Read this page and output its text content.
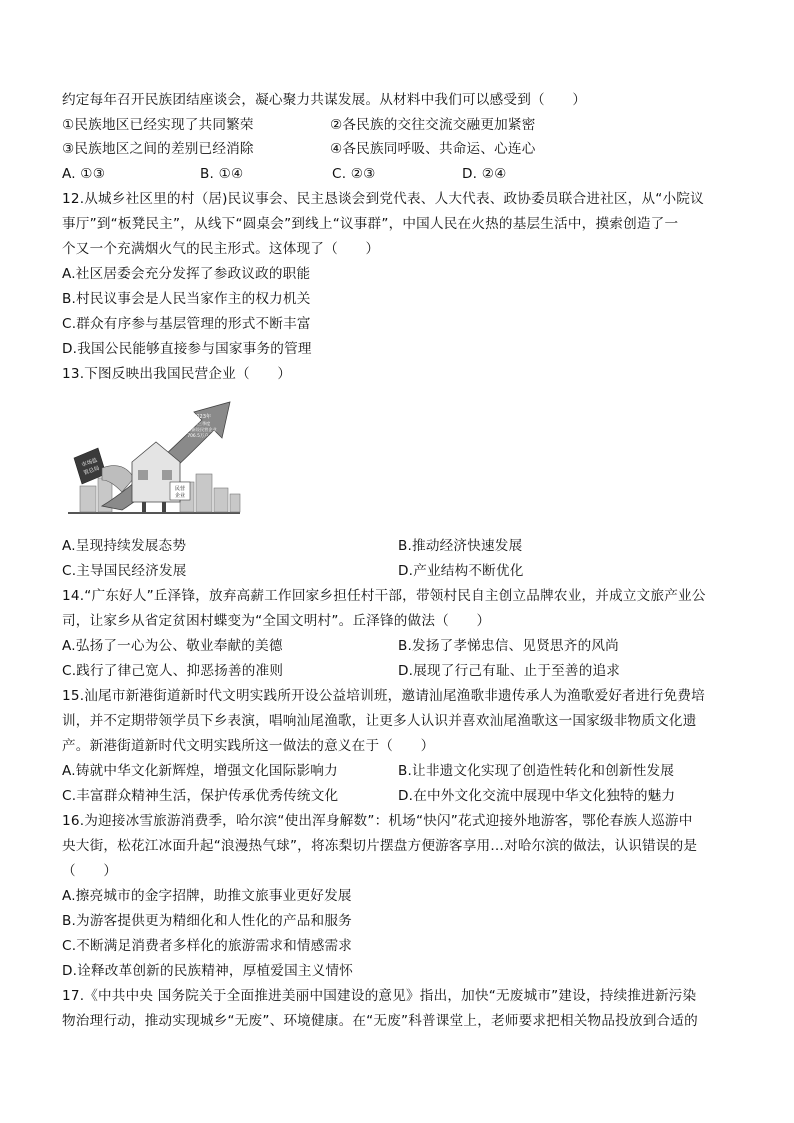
约定每年召开民族团结座谈会，凝心聚力共谋发展。从材料中我们可以感受到（　　）
①民族地区已经实现了共同繁荣	②各民族的交往交流交融更加紧密
③民族地区之间的差别已经消除	④各民族同呼吸、共命运、心连心
A. ①③	B. ①④	C. ②③	D. ②④
12.从城乡社区里的村（居)民议事会、民主恳谈会到党代表、人大代表、政协委员联合进社区，从“小院议
事厅”到“板凳民主”，从线下“圆桌会”到线上“议事群”，中国人民在火热的基层生活中，摸索创造了一
个又一个充满烟火气的民主形式。这体现了（　　）
A.社区居委会充分发挥了参政议政的职能
B.村民议事会是人民当家作主的权力机关
C.群众有序参与基层管理的形式不断丰富
D.我国公民能够直接参与国家事务的管理
13.下图反映出我国民营企业（　　）
2023年
前三季度
全国新设民营企业
706.5万户
市场监
管总局
民营
企业
A.呈现持续发展态势	B.推动经济快速发展
C.主导国民经济发展	D.产业结构不断优化
14.“广东好人”丘泽锋，放弃高薪工作回家乡担任村干部，带领村民自主创立品牌农业，并成立文旅产业公
司，让家乡从省定贫困村蝶变为“全国文明村”。丘泽锋的做法（　　）
A.弘扬了一心为公、敬业奉献的美德	B.发扬了孝悌忠信、见贤思齐的风尚
C.践行了律己宽人、抑恶扬善的准则	D.展现了行己有耻、止于至善的追求
15.汕尾市新港街道新时代文明实践所开设公益培训班，邀请汕尾渔歌非遗传承人为渔歌爱好者进行免费培
训，并不定期带领学员下乡表演，唱响汕尾渔歌，让更多人认识并喜欢汕尾渔歌这一国家级非物质文化遗
产。新港街道新时代文明实践所这一做法的意义在于（　　）
A.铸就中华文化新辉煌，增强文化国际影响力	B.让非遗文化实现了创造性转化和创新性发展
C.丰富群众精神生活，保护传承优秀传统文化	D.在中外文化交流中展现中华文化独特的魅力
16.为迎接冰雪旅游消费季，哈尔滨“使出浑身解数”：机场“快闪”花式迎接外地游客，鄂伦春族人巡游中
央大街，松花江冰面升起“浪漫热气球”，将冻梨切片摆盘方便游客享用…对哈尔滨的做法，认识错误的是
（　　）
A.擦亮城市的金字招牌，助推文旅事业更好发展
B.为游客提供更为精细化和人性化的产品和服务
C.不断满足消费者多样化的旅游需求和情感需求
D.诠释改革创新的民族精神，厚植爱国主义情怀
17.《中共中央 国务院关于全面推进美丽中国建设的意见》指出，加快“无废城市”建设，持续推进新污染
物治理行动，推动实现城乡“无废”、环境健康。在“无废”科普课堂上，老师要求把相关物品投放到合适的
